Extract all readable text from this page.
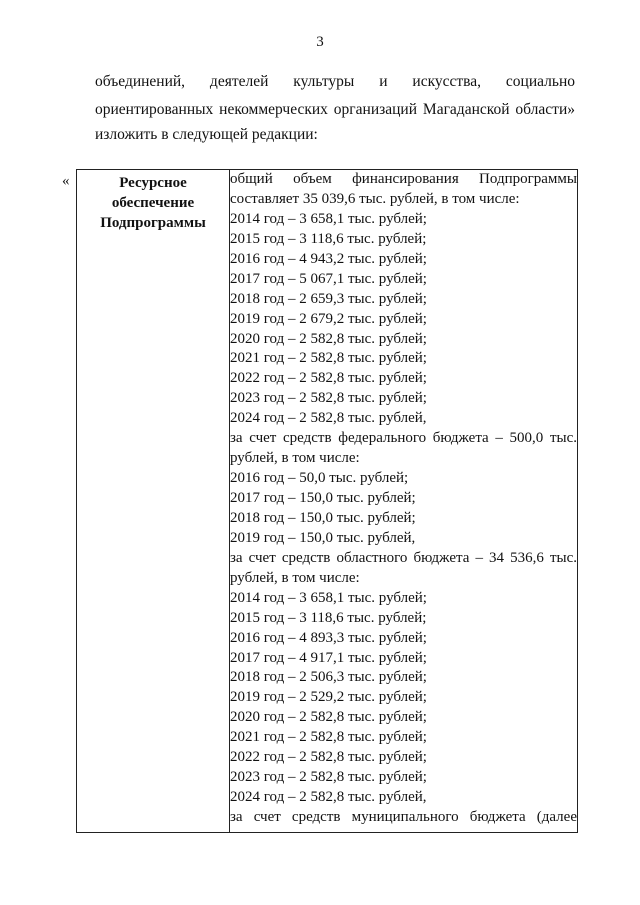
3
объединений, деятелей культуры и искусства, социально
ориентированных некоммерческих организаций Магаданской области»
изложить в следующей редакции:
«	Ресурсное обеспечение Подпрограммы

общий объем финансирования Подпрограммы
составляет 35 039,6 тыс. рублей, в том числе:
2014 год – 3 658,1 тыс. рублей;
2015 год – 3 118,6 тыс. рублей;
2016 год – 4 943,2 тыс. рублей;
2017 год – 5 067,1 тыс. рублей;
2018 год – 2 659,3 тыс. рублей;
2019 год – 2 679,2 тыс. рублей;
2020 год – 2 582,8 тыс. рублей;
2021 год – 2 582,8 тыс. рублей;
2022 год – 2 582,8 тыс. рублей;
2023 год – 2 582,8 тыс. рублей;
2024 год – 2 582,8 тыс. рублей,
за счет средств федерального бюджета – 500,0 тыс.
рублей, в том числе:
2016 год – 50,0 тыс. рублей;
2017 год – 150,0 тыс. рублей;
2018 год – 150,0 тыс. рублей;
2019 год – 150,0 тыс. рублей,
за счет средств областного бюджета – 34 536,6 тыс.
рублей, в том числе:
2014 год – 3 658,1 тыс. рублей;
2015 год – 3 118,6 тыс. рублей;
2016 год – 4 893,3 тыс. рублей;
2017 год – 4 917,1 тыс. рублей;
2018 год – 2 506,3 тыс. рублей;
2019 год – 2 529,2 тыс. рублей;
2020 год – 2 582,8 тыс. рублей;
2021 год – 2 582,8 тыс. рублей;
2022 год – 2 582,8 тыс. рублей;
2023 год – 2 582,8 тыс. рублей;
2024 год – 2 582,8 тыс. рублей,
за счет средств муниципального бюджета (далее
